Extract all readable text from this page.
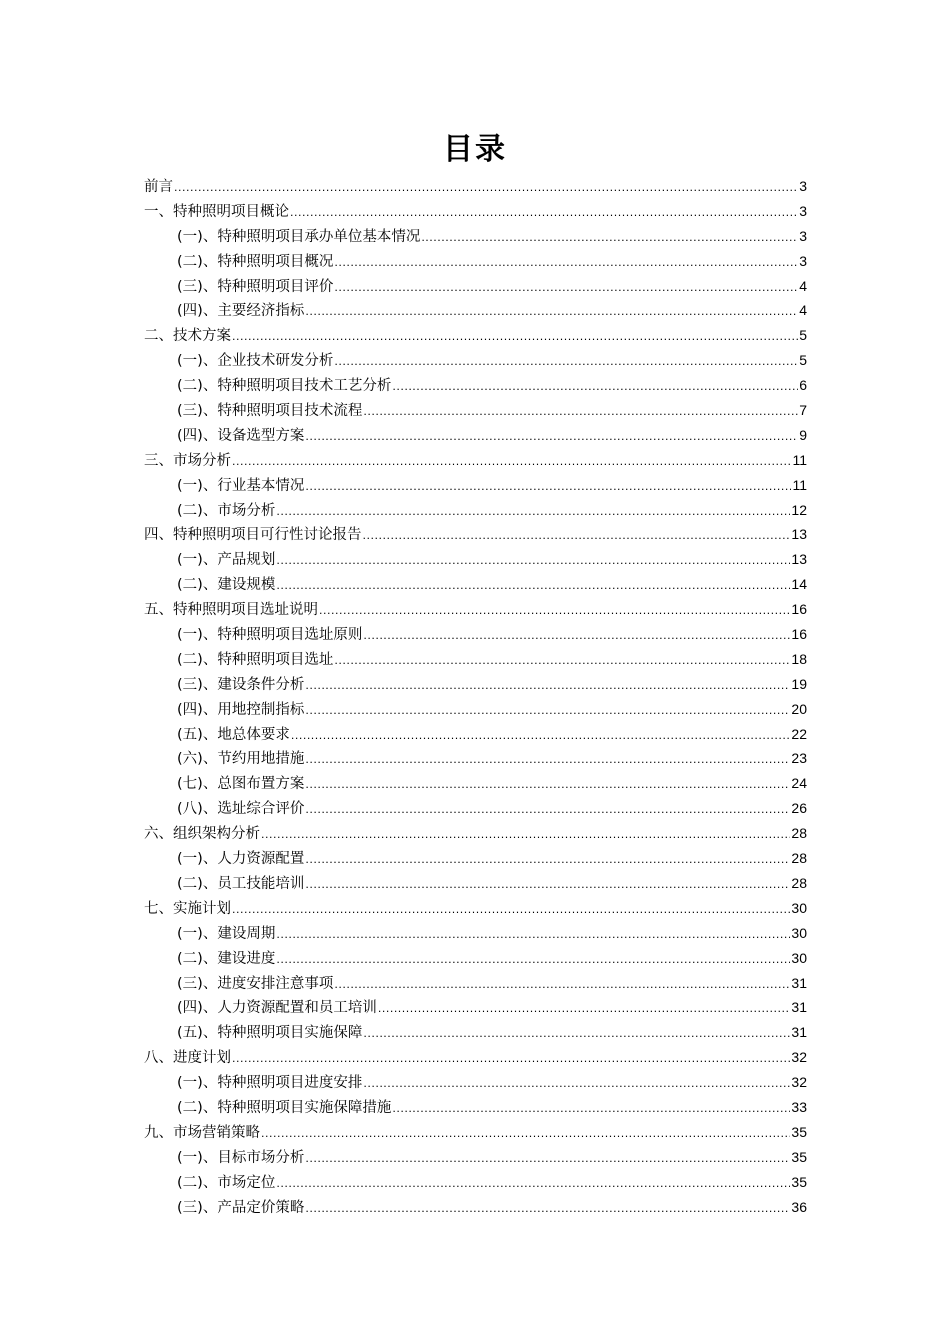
目录
前言 .....	3
一、特种照明项目概论 .....	3
(一)、特种照明项目承办单位基本情况 .....	3
(二)、特种照明项目概况 .....	3
(三)、特种照明项目评价 .....	4
(四)、主要经济指标 .....	4
二、技术方案 .....	5
(一)、企业技术研发分析 .....	5
(二)、特种照明项目技术工艺分析 .....	6
(三)、特种照明项目技术流程 .....	7
(四)、设备选型方案 .....	9
三、市场分析 .....	11
(一)、行业基本情况 .....	11
(二)、市场分析 .....	12
四、特种照明项目可行性讨论报告 .....	13
(一)、产品规划 .....	13
(二)、建设规模 .....	14
五、特种照明项目选址说明 .....	16
(一)、特种照明项目选址原则 .....	16
(二)、特种照明项目选址 .....	18
(三)、建设条件分析 .....	19
(四)、用地控制指标 .....	20
(五)、地总体要求 .....	22
(六)、节约用地措施 .....	23
(七)、总图布置方案 .....	24
(八)、选址综合评价 .....	26
六、组织架构分析 .....	28
(一)、人力资源配置 .....	28
(二)、员工技能培训 .....	28
七、实施计划 .....	30
(一)、建设周期 .....	30
(二)、建设进度 .....	30
(三)、进度安排注意事项 .....	31
(四)、人力资源配置和员工培训 .....	31
(五)、特种照明项目实施保障 .....	31
八、进度计划 .....	32
(一)、特种照明项目进度安排 .....	32
(二)、特种照明项目实施保障措施 .....	33
九、市场营销策略 .....	35
(一)、目标市场分析 .....	35
(二)、市场定位 .....	35
(三)、产品定价策略 .....	36
